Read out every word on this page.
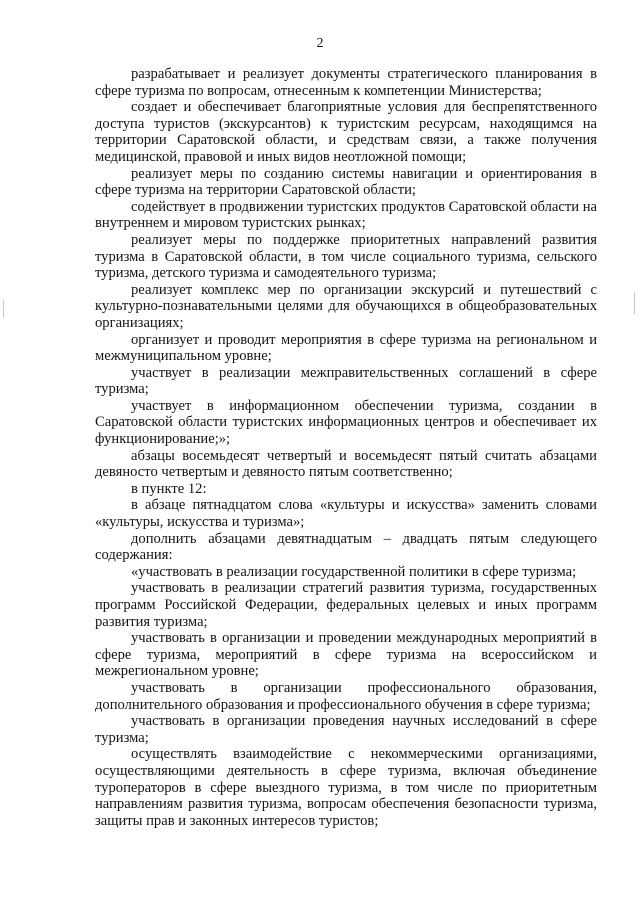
2

разрабатывает и реализует документы стратегического планирования в сфере туризма по вопросам, отнесенным к компетенции Министерства;

создает и обеспечивает благоприятные условия для беспрепятственного доступа туристов (экскурсантов) к туристским ресурсам, находящимся на территории Саратовской области, и средствам связи, а также получения медицинской, правовой и иных видов неотложной помощи;

реализует меры по созданию системы навигации и ориентирования в сфере туризма на территории Саратовской области;

содействует в продвижении туристских продуктов Саратовской области на внутреннем и мировом туристских рынках;

реализует меры по поддержке приоритетных направлений развития туризма в Саратовской области, в том числе социального туризма, сельского туризма, детского туризма и самодеятельного туризма;

реализует комплекс мер по организации экскурсий и путешествий с культурно-познавательными целями для обучающихся в общеобразовательных организациях;

организует и проводит мероприятия в сфере туризма на региональном и межмуниципальном уровне;

участвует в реализации межправительственных соглашений в сфере туризма;

участвует в информационном обеспечении туризма, создании в Саратовской области туристских информационных центров и обеспечивает их функционирование;»;

абзацы восемьдесят четвертый и восемьдесят пятый считать абзацами девяносто четвертым и девяносто пятым соответственно;

в пункте 12:

в абзаце пятнадцатом слова «культуры и искусства» заменить словами «культуры, искусства и туризма»;

дополнить абзацами девятнадцатым – двадцать пятым следующего содержания:

«участвовать в реализации государственной политики в сфере туризма;

участвовать в реализации стратегий развития туризма, государственных программ Российской Федерации, федеральных целевых и иных программ развития туризма;

участвовать в организации и проведении международных мероприятий в сфере туризма, мероприятий в сфере туризма на всероссийском и межрегиональном уровне;

участвовать в организации профессионального образования, дополнительного образования и профессионального обучения в сфере туризма;

участвовать в организации проведения научных исследований в сфере туризма;

осуществлять взаимодействие с некоммерческими организациями, осуществляющими деятельность в сфере туризма, включая объединение туроператоров в сфере выездного туризма, в том числе по приоритетным направлениям развития туризма, вопросам обеспечения безопасности туризма, защиты прав и законных интересов туристов;
